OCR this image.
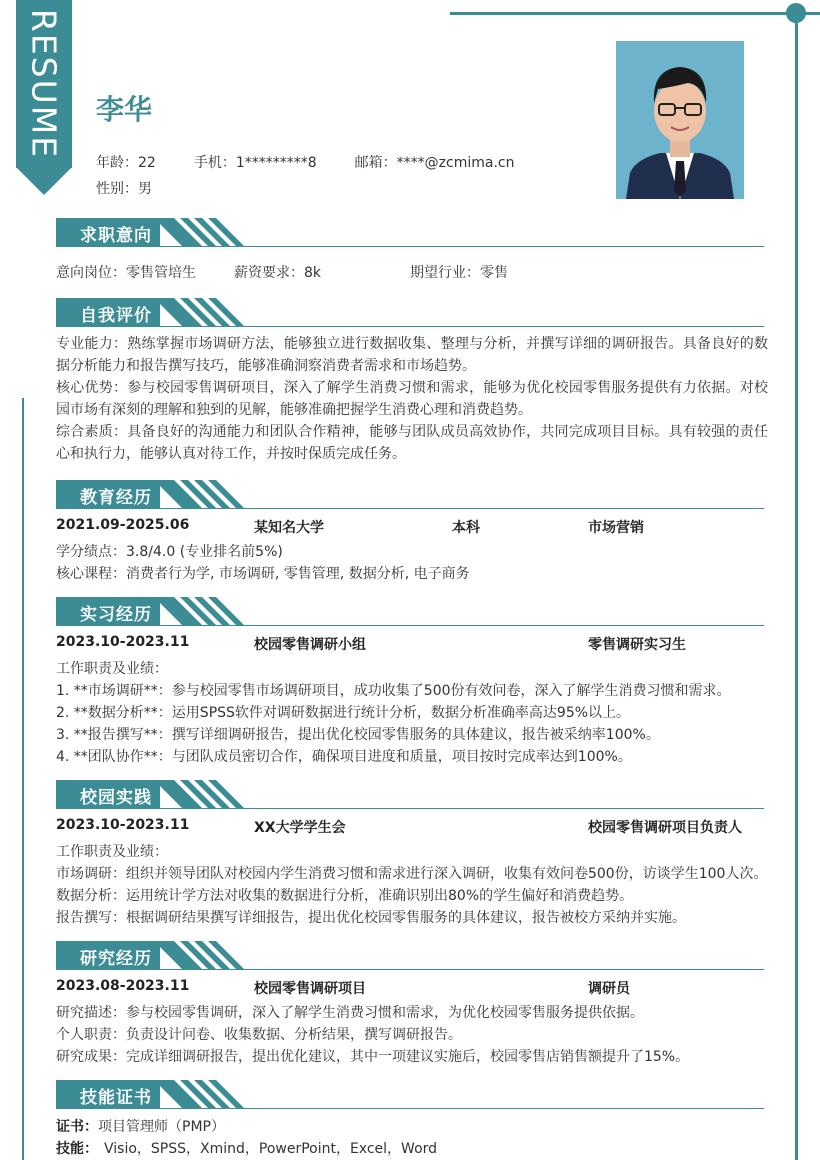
RESUME 李华
年龄：22	手机：1*********8	邮箱：****@zcmima.cn
性别：男
求职意向
意向岗位：零售管培生	薪资要求：8k	期望行业：零售
自我评价
专业能力：熟练掌握市场调研方法，能够独立进行数据收集、整理与分析，并撰写详细的调研报告。具备良好的数据分析能力和报告撰写技巧，能够准确洞察消费者需求和市场趋势。
核心优势：参与校园零售调研项目，深入了解学生消费习惯和需求，能够为优化校园零售服务提供有力依据。对校园市场有深刻的理解和独到的见解，能够准确把握学生消费心理和消费趋势。
综合素质：具备良好的沟通能力和团队合作精神，能够与团队成员高效协作，共同完成项目目标。具有较强的责任心和执行力，能够认真对待工作，并按时保质完成任务。
教育经历
2021.09-2025.06	某知名大学	本科	市场营销
学分绩点：3.8/4.0 (专业排名前5%)
核心课程：消费者行为学, 市场调研, 零售管理, 数据分析, 电子商务
实习经历
2023.10-2023.11	校园零售调研小组	零售调研实习生
工作职责及业绩：
1. **市场调研**：参与校园零售市场调研项目，成功收集了500份有效问卷，深入了解学生消费习惯和需求。
2. **数据分析**：运用SPSS软件对调研数据进行统计分析，数据分析准确率高达95%以上。
3. **报告撰写**：撰写详细调研报告，提出优化校园零售服务的具体建议，报告被采纳率100%。
4. **团队协作**：与团队成员密切合作，确保项目进度和质量，项目按时完成率达到100%。
校园实践
2023.10-2023.11	XX大学学生会	校园零售调研项目负责人
工作职责及业绩：
市场调研：组织并领导团队对校园内学生消费习惯和需求进行深入调研，收集有效问卷500份，访谈学生100人次。
数据分析：运用统计学方法对收集的数据进行分析，准确识别出80%的学生偏好和消费趋势。
报告撰写：根据调研结果撰写详细报告，提出优化校园零售服务的具体建议，报告被校方采纳并实施。
研究经历
2023.08-2023.11	校园零售调研项目	调研员
研究描述：参与校园零售调研，深入了解学生消费习惯和需求，为优化校园零售服务提供依据。
个人职责：负责设计问卷、收集数据、分析结果，撰写调研报告。
研究成果：完成详细调研报告，提出优化建议，其中一项建议实施后，校园零售店销售额提升了15%。
技能证书
证书：项目管理师（PMP）
技能： Visio，SPSS，Xmind，PowerPoint，Excel，Word
